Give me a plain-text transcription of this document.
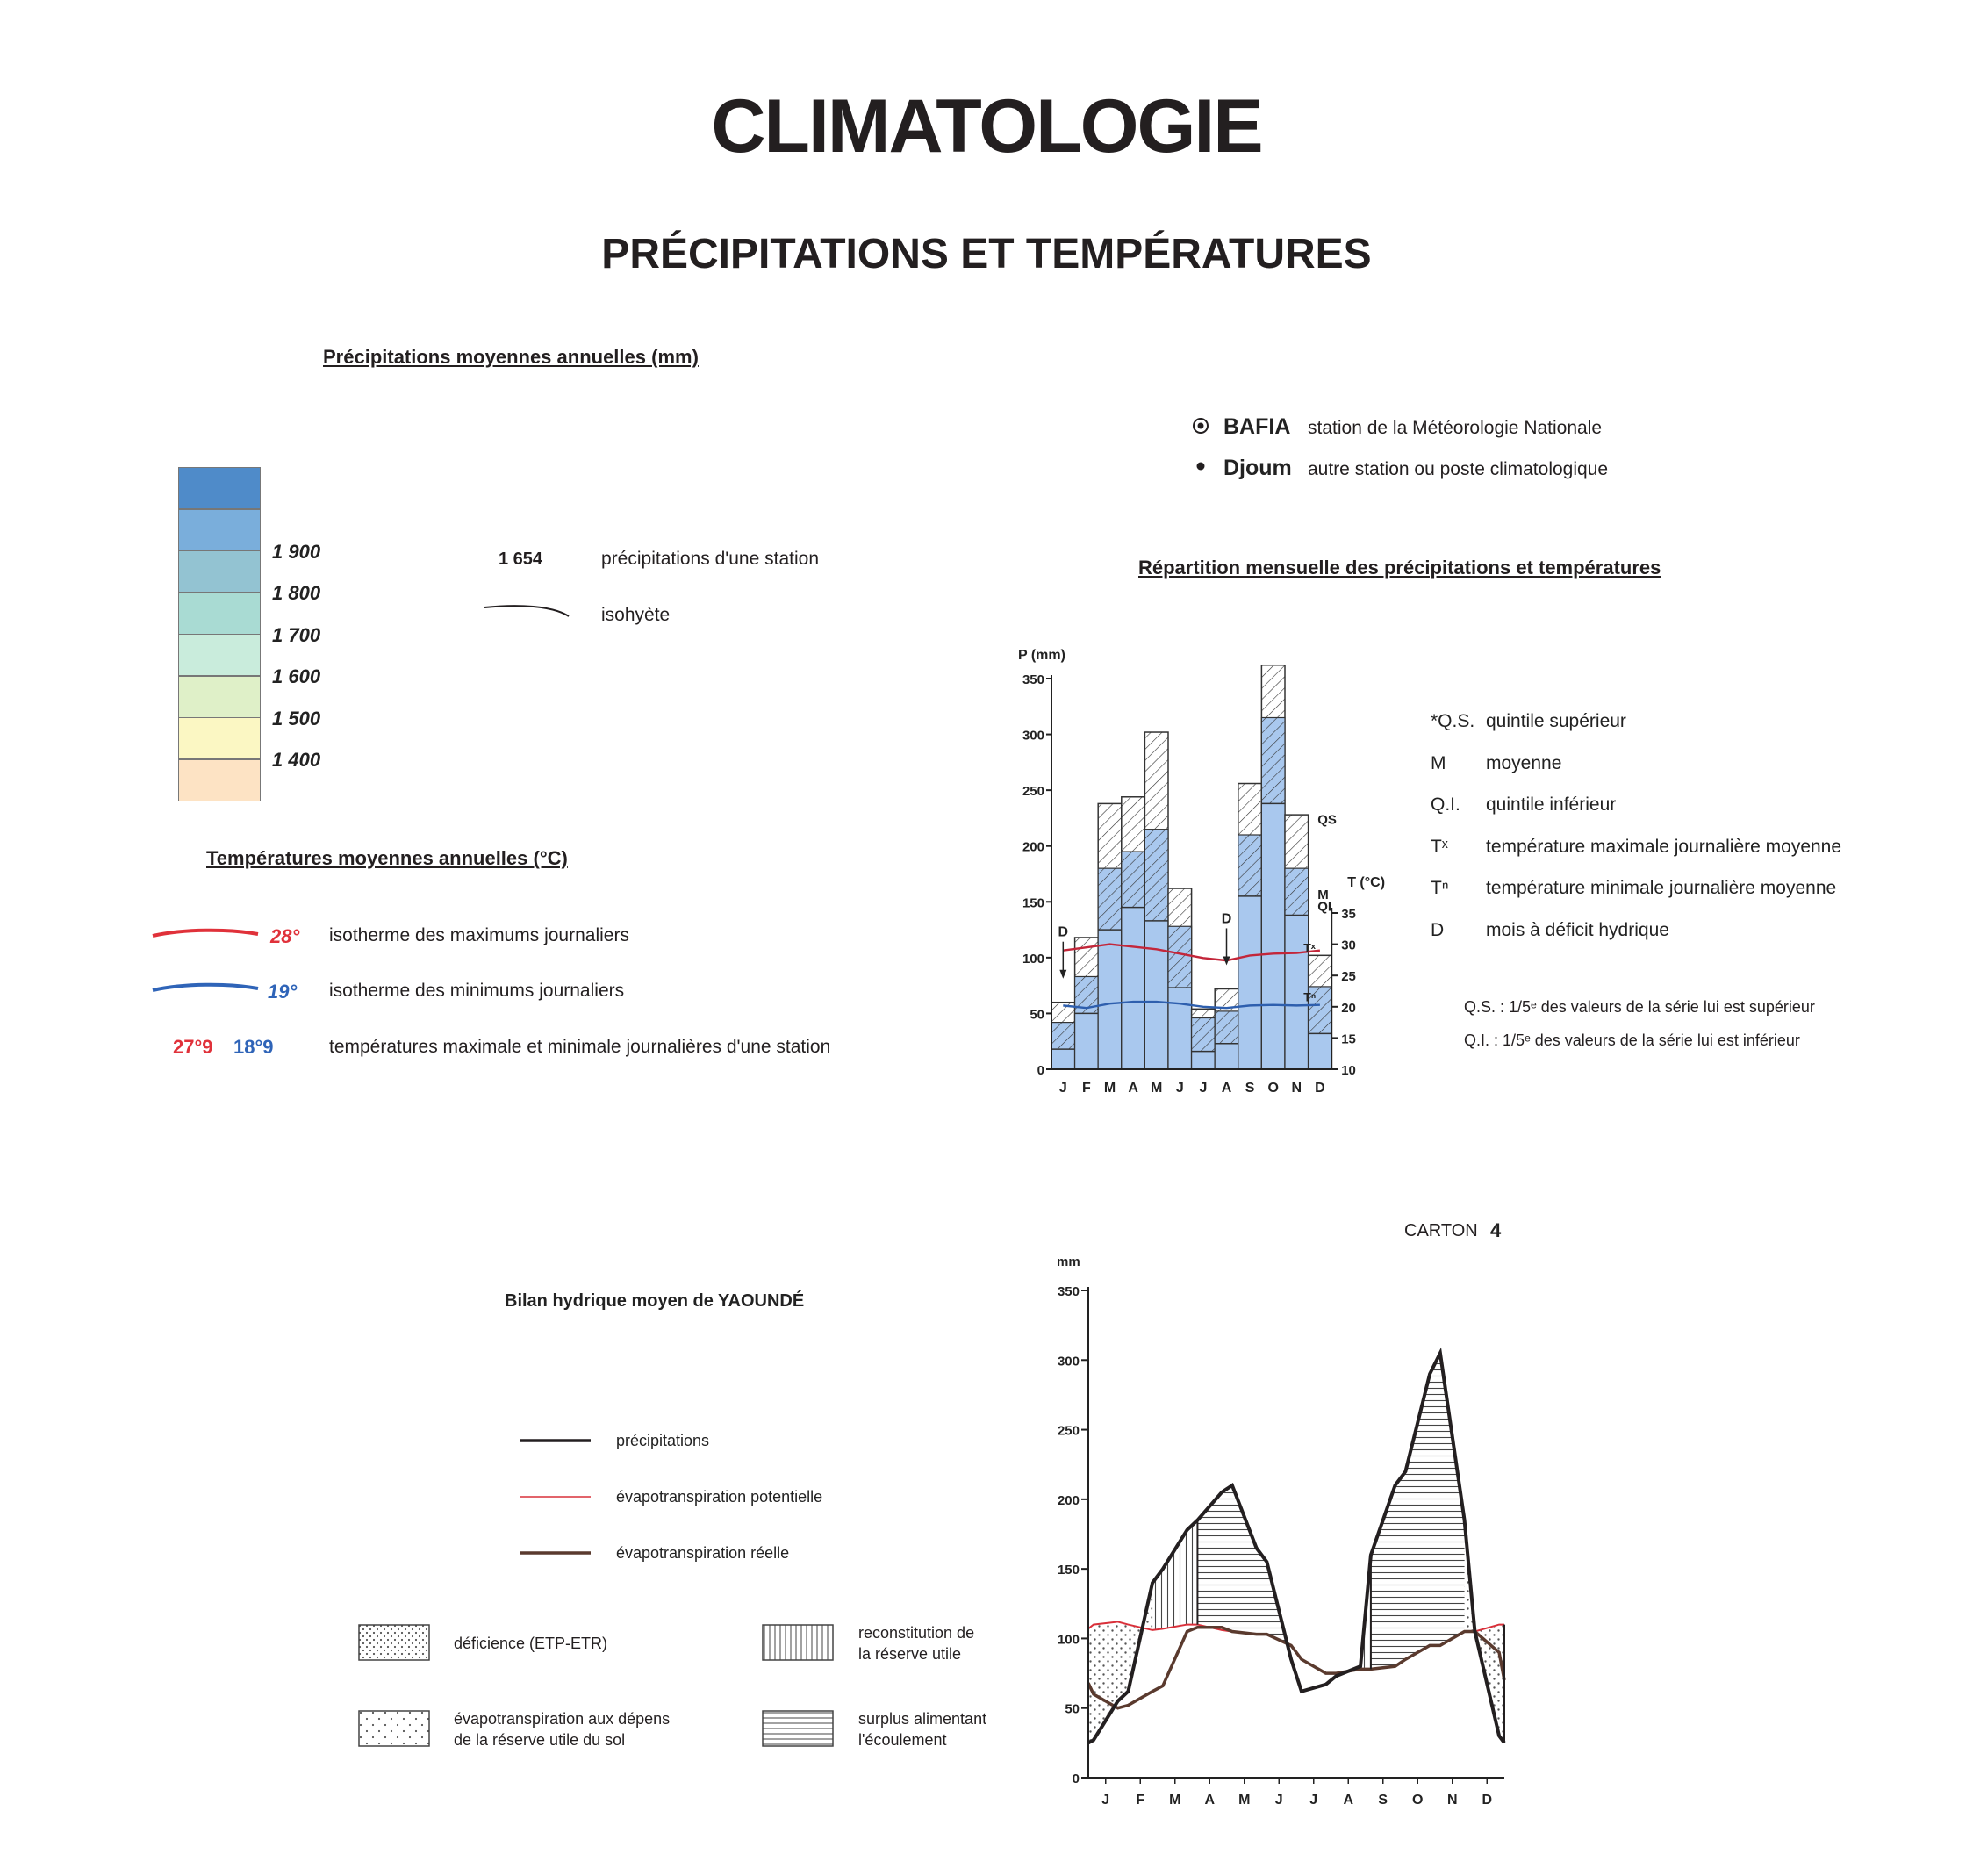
CLIMATOLOGIE
PRÉCIPITATIONS ET TEMPÉRATURES
Précipitations moyennes annuelles (mm)
1 900
1 800
1 700
1 600
1 500
1 400
1 654	précipitations d'une station
isohyète
Températures moyennes annuelles (°C)
28° isotherme des maximums journaliers
19° isotherme des minimums journaliers
27°9 18°9	températures maximale et minimale journalières d'une station
BAFIA station de la Météorologie Nationale
Djoum autre station ou poste climatologique
Répartition mensuelle des précipitations et températures
*Q.S. quintile supérieur
M moyenne
Q.I. quintile inférieur
Tˣ température maximale journalière moyenne
Tⁿ température minimale journalière moyenne
D mois à déficit hydrique
Q.S. : 1/5ᵉ des valeurs de la série lui est supérieur
Q.I. : 1/5ᵉ des valeurs de la série lui est inférieur
0
50
100
150
200
250
300
350
P (mm)
10
15
20
25
30
35
T (°C)
J F M A M J J A S O N D
QS
M
QI
Tˣ
Tⁿ
D
D
CARTON 4
Bilan hydrique moyen de YAOUNDÉ
précipitations
évapotranspiration potentielle
évapotranspiration réelle
déficience (ETP-ETR)
évapotranspiration aux dépens
de la réserve utile du sol
reconstitution de
la réserve utile
surplus alimentant
l'écoulement
0
50
100
150
200
250
300
350
mm
J F M A M J J A S O N D
